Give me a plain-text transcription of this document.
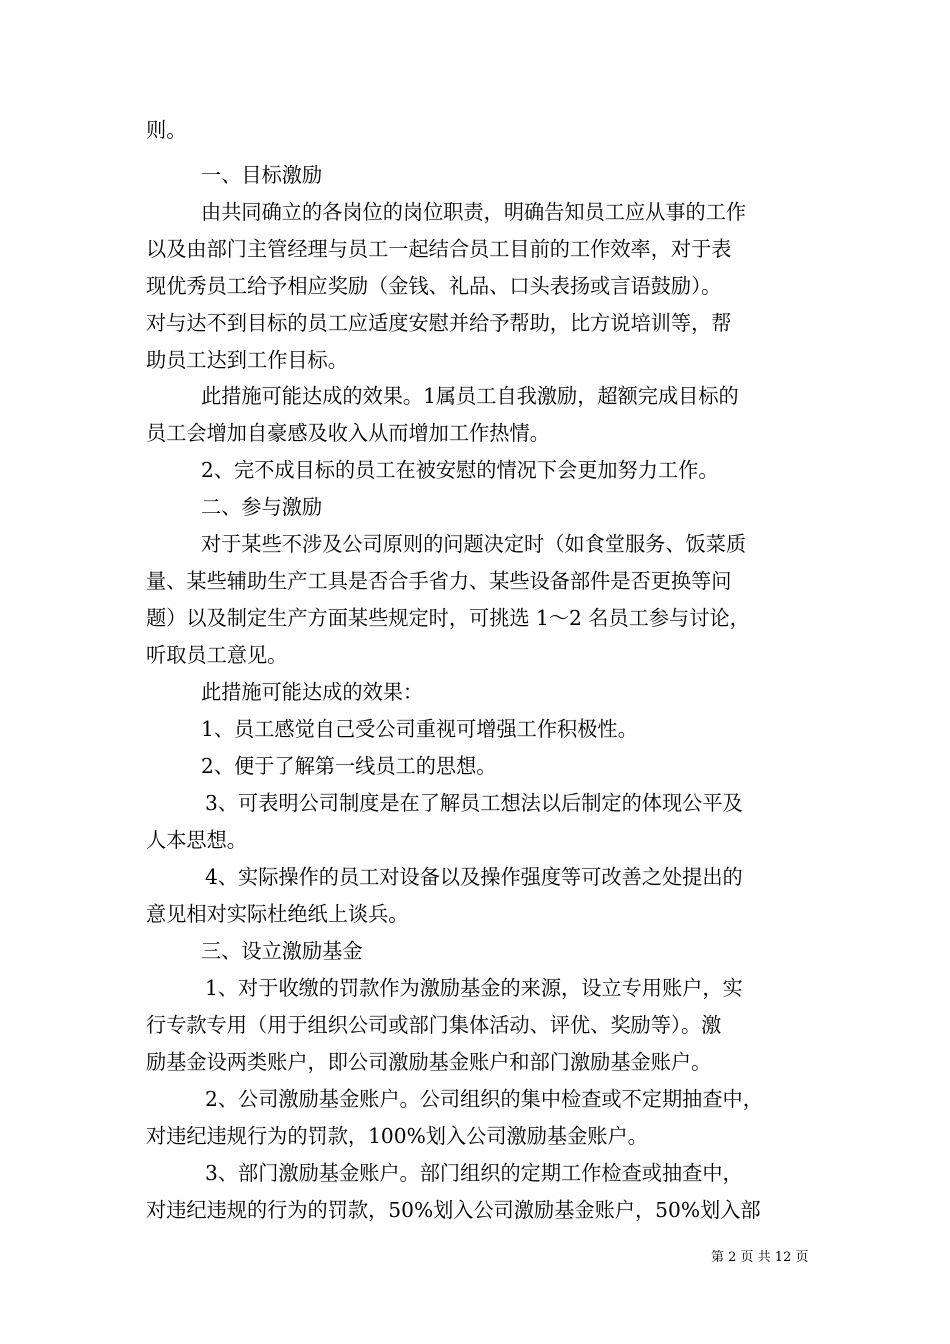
则。
一、目标激励
由共同确立的各岗位的岗位职责，明确告知员工应从事的工作
以及由部门主管经理与员工一起结合员工目前的工作效率，对于表
现优秀员工给予相应奖励（金钱、礼品、口头表扬或言语鼓励）。
对与达不到目标的员工应适度安慰并给予帮助，比方说培训等，帮
助员工达到工作目标。
此措施可能达成的效果。1属员工自我激励，超额完成目标的
员工会增加自豪感及收入从而增加工作热情。
2、完不成目标的员工在被安慰的情况下会更加努力工作。
二、参与激励
对于某些不涉及公司原则的问题决定时（如食堂服务、饭菜质
量、某些辅助生产工具是否合手省力、某些设备部件是否更换等问
题）以及制定生产方面某些规定时，可挑选 1～2 名员工参与讨论，
听取员工意见。
此措施可能达成的效果：
1、员工感觉自己受公司重视可增强工作积极性。
2、便于了解第一线员工的思想。
3、可表明公司制度是在了解员工想法以后制定的体现公平及
人本思想。
4、实际操作的员工对设备以及操作强度等可改善之处提出的
意见相对实际杜绝纸上谈兵。
三、设立激励基金
1、对于收缴的罚款作为激励基金的来源，设立专用账户，实
行专款专用（用于组织公司或部门集体活动、评优、奖励等）。激
励基金设两类账户，即公司激励基金账户和部门激励基金账户。
2、公司激励基金账户。公司组织的集中检查或不定期抽查中，
对违纪违规行为的罚款，100%划入公司激励基金账户。
3、部门激励基金账户。部门组织的定期工作检查或抽查中，
对违纪违规的行为的罚款，50%划入公司激励基金账户，50%划入部
第 2 页 共 12 页
